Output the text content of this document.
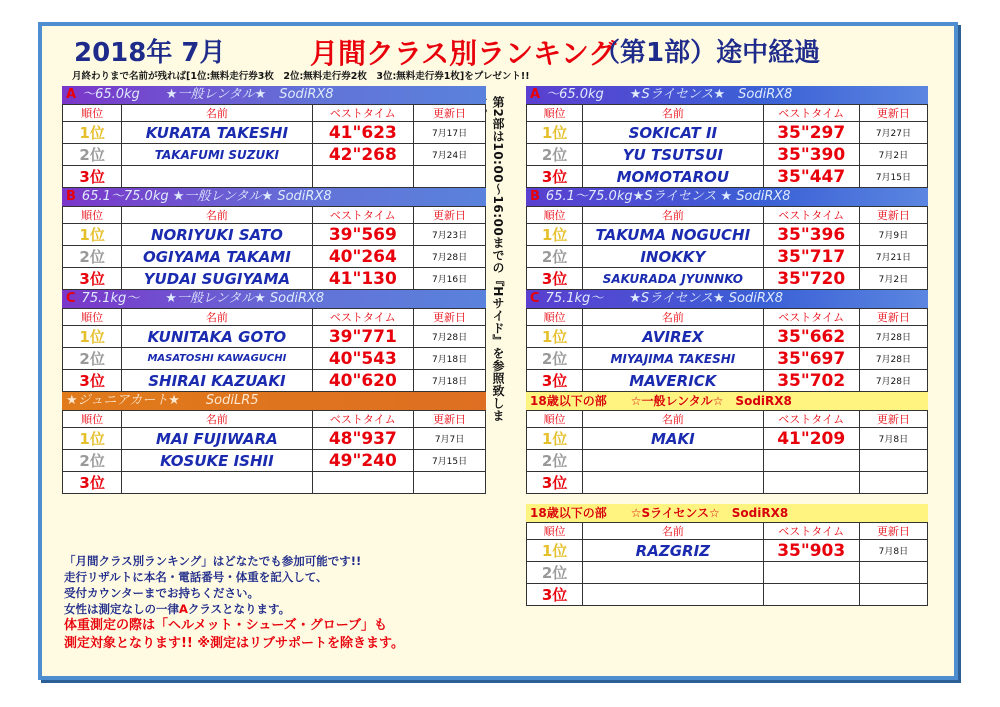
2018年 7月	月間クラス別ランキング
（第1部）途中経過
月終わりまで名前が残れば[1位:無料走行券3枚　2位:無料走行券2枚　3位:無料走行券1枚]をプレゼント!!
第2部は10:00〜16:00までの『Hサイド』を参照致しま
A ～65.0kg　　★一般レンタル★　SodiRX8
順位	名前	ベストタイム	更新日
1位	KURATA TAKESHI	41"623	7月17日
2位	TAKAFUMI SUZUKI	42"268	7月24日
3位			
B 65.1～75.0kg ★一般レンタル★ SodiRX8
順位	名前	ベストタイム	更新日
1位	NORIYUKI SATO	39"569	7月23日
2位	OGIYAMA TAKAMI	40"264	7月28日
3位	YUDAI SUGIYAMA	41"130	7月16日
C 75.1kg～　　★一般レンタル★ SodiRX8
順位	名前	ベストタイム	更新日
1位	KUNITAKA GOTO	39"771	7月28日
2位	MASATOSHI KAWAGUCHI	40"543	7月18日
3位	SHIRAI KAZUAKI	40"620	7月18日
★ジュニアカート★　　SodiLR5
順位	名前	ベストタイム	更新日
1位	MAI FUJIWARA	48"937	7月7日
2位	KOSUKE ISHII	49"240	7月15日
3位			
A ～65.0kg　　★Sライセンス★　SodiRX8
順位	名前	ベストタイム	更新日
1位	SOKICAT II	35"297	7月27日
2位	YU TSUTSUI	35"390	7月2日
3位	MOMOTAROU	35"447	7月15日
B 65.1～75.0kg★Sライセンス ★ SodiRX8
順位	名前	ベストタイム	更新日
1位	TAKUMA NOGUCHI	35"396	7月9日
2位	INOKKY	35"717	7月21日
3位	SAKURADA JYUNNKO	35"720	7月2日
C 75.1kg～　　★Sライセンス★ SodiRX8
順位	名前	ベストタイム	更新日
1位	AVIREX	35"662	7月28日
2位	MIYAJIMA TAKESHI	35"697	7月28日
3位	MAVERICK	35"702	7月28日
18歳以下の部　　☆一般レンタル☆　SodiRX8
順位	名前	ベストタイム	更新日
1位	MAKI	41"209	7月8日
2位			
3位			
18歳以下の部　　☆Sライセンス☆　SodiRX8
順位	名前	ベストタイム	更新日
1位	RAZGRIZ	35"903	7月8日
2位			
3位			
「月間クラス別ランキング」はどなたでも参加可能です!!
走行リザルトに本名・電話番号・体重を記入して、
受付カウンターまでお持ちください。
女性は測定なしの一律Aクラスとなります。
体重測定の際は「ヘルメット・シューズ・グローブ」も
測定対象となります!! ※測定はリブサポートを除きます。
